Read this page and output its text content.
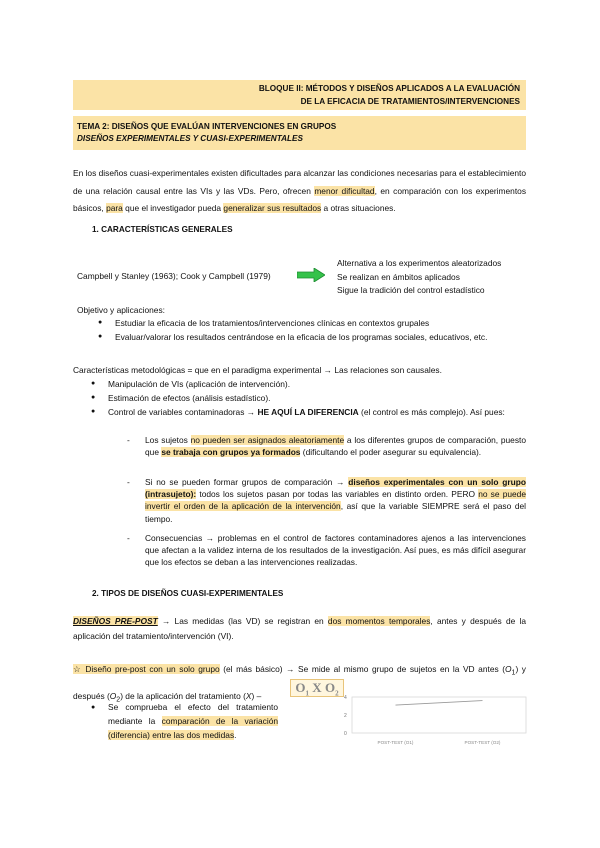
BLOQUE II: MÉTODOS Y DISEÑOS APLICADOS A LA EVALUACIÓN
DE LA EFICACIA DE TRATAMIENTOS/INTERVENCIONES
TEMA 2: DISEÑOS QUE EVALÚAN INTERVENCIONES EN GRUPOS
DISEÑOS EXPERIMENTALES Y CUASI-EXPERIMENTALES
En los diseños cuasi-experimentales existen dificultades para alcanzar las condiciones necesarias para el establecimiento de una relación causal entre las VIs y las VDs. Pero, ofrecen menor dificultad, en comparación con los experimentos básicos, para que el investigador pueda generalizar sus resultados a otras situaciones.
1. CARACTERÍSTICAS GENERALES
Campbell y Stanley (1963); Cook y Campbell (1979)
Alternativa a los experimentos aleatorizados
Se realizan en ámbitos aplicados
Sigue la tradición del control estadístico
Objetivo y aplicaciones:
● Estudiar la eficacia de los tratamientos/intervenciones clínicas en contextos grupales
● Evaluar/valorar los resultados centrándose en la eficacia de los programas sociales, educativos, etc.
Características metodológicas = que en el paradigma experimental → Las relaciones son causales.
● Manipulación de VIs (aplicación de intervención).
● Estimación de efectos (análisis estadístico).
● Control de variables contaminadoras → HE AQUÍ LA DIFERENCIA (el control es más complejo). Así pues:
- Los sujetos no pueden ser asignados aleatoriamente a los diferentes grupos de comparación, puesto que se trabaja con grupos ya formados (dificultando el poder asegurar su equivalencia).
- Si no se pueden formar grupos de comparación → diseños experimentales con un solo grupo (intrasujeto): todos los sujetos pasan por todas las variables en distinto orden. PERO no se puede invertir el orden de la aplicación de la intervención, así que la variable SIEMPRE será el paso del tiempo.
- Consecuencias → problemas en el control de factores contaminadores ajenos a las intervenciones que afectan a la validez interna de los resultados de la investigación. Así pues, es más difícil asegurar que los efectos se deban a las intervenciones realizadas.
2. TIPOS DE DISEÑOS CUASI-EXPERIMENTALES
DISEÑOS PRE-POST → Las medidas (las VD) se registran en dos momentos temporales, antes y después de la aplicación del tratamiento/intervención (VI).
☆ Diseño pre-post con un solo grupo (el más básico) → Se mide al mismo grupo de sujetos en la VD antes $(O_1)$ y después $(O_2)$ de la aplicación del tratamiento (X) –
$O_1$ X $O_2$
● Se comprueba el efecto del tratamiento mediante la comparación de la variación (diferencia) entre las dos medidas.
4
2
0
POST-TEST (O1)	POST-TEST (O2)
